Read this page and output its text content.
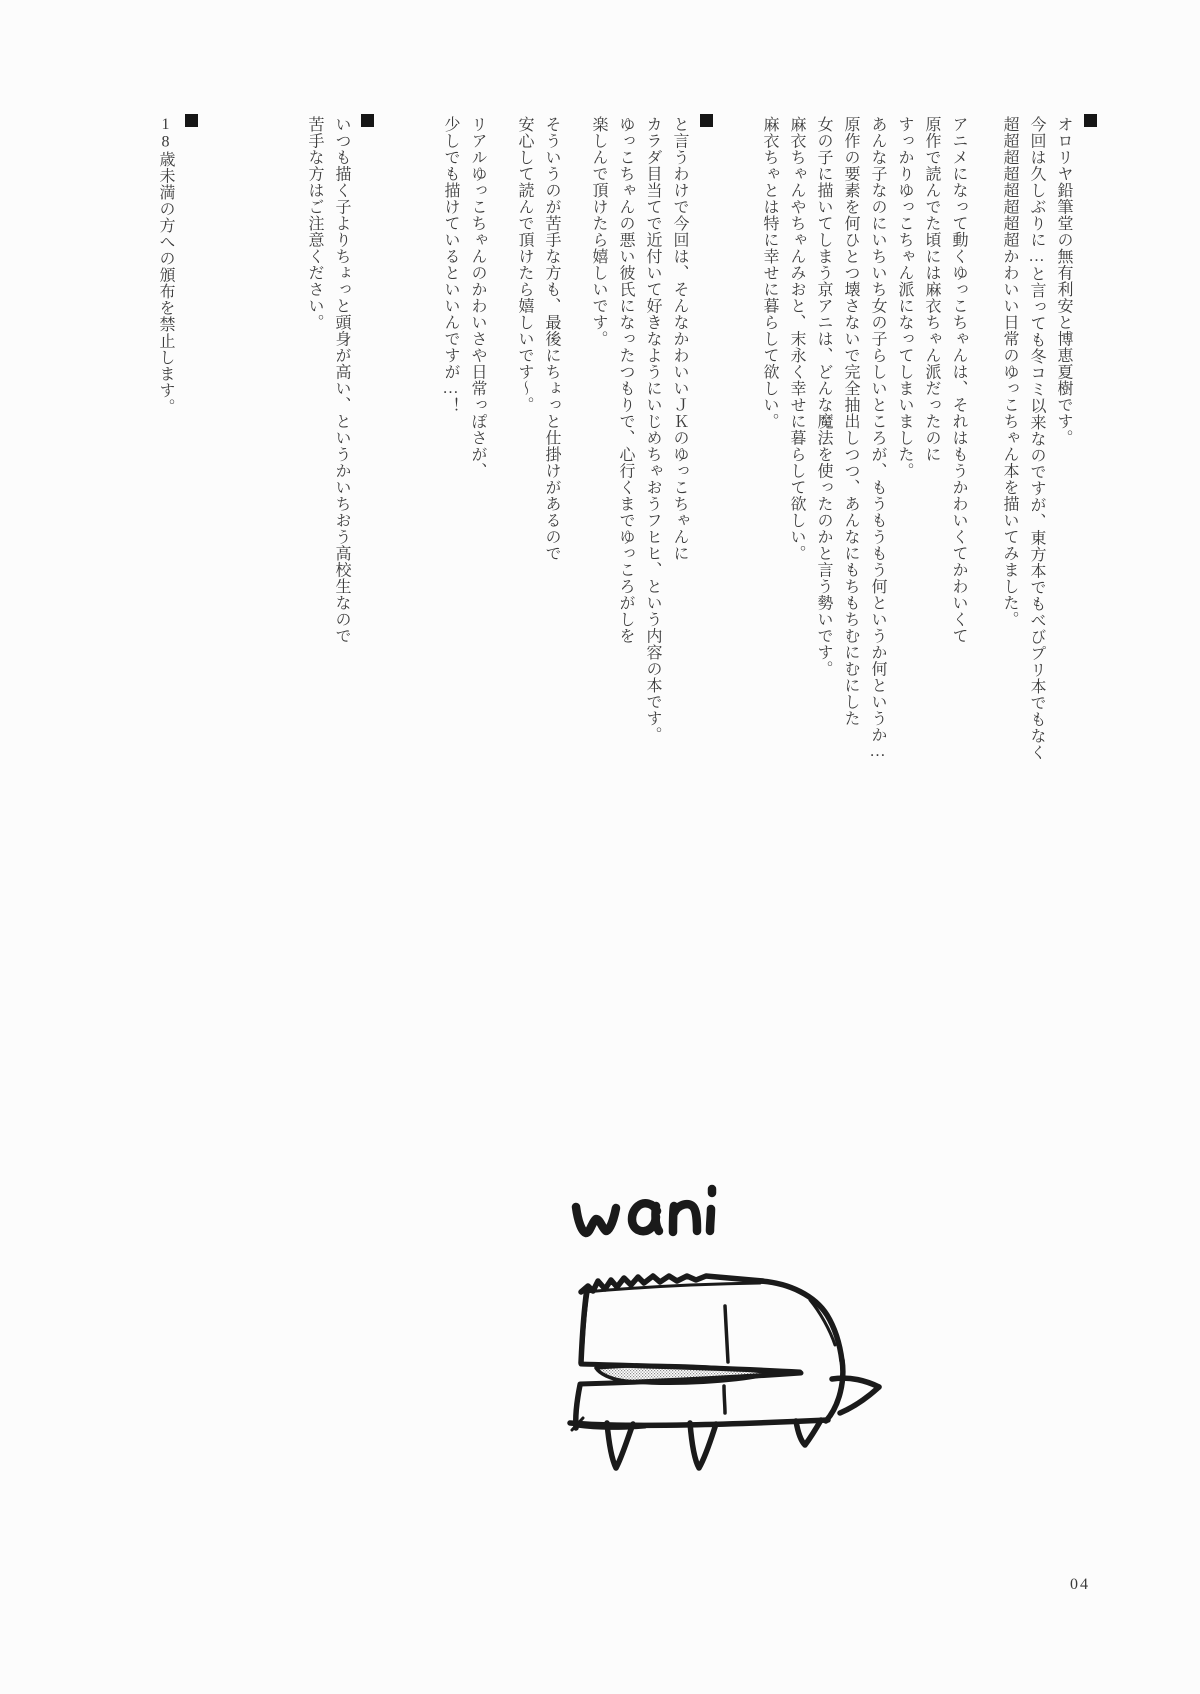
オロリヤ鉛筆堂の無有利安と博恵夏樹です。
今回は久しぶりに…と言っても冬コミ以来なのですが、東方本でもべびプリ本でもなく
超超超超超超超超かわいい日常のゆっこちゃん本を描いてみました。
アニメになって動くゆっこちゃんは、それはもうかわいくてかわいくて
原作で読んでた頃には麻衣ちゃん派だったのに
すっかりゆっこちゃん派になってしまいました。
あんな子なのにいちいち女の子らしいところが、もうもうもう何というか何というか…
原作の要素を何ひとつ壊さないで完全抽出しつつ、あんなにもちもちむにむにした
女の子に描いてしまう京アニは、どんな魔法を使ったのかと言う勢いです。
麻衣ちゃんやちゃんみおと、末永く幸せに暮らして欲しい。
麻衣ちゃとは特に幸せに暮らして欲しい。
と言うわけで今回は、そんなかわいいＪＫのゆっこちゃんに
カラダ目当てで近付いて好きなようにいじめちゃおうフヒヒ、という内容の本です。
ゆっこちゃんの悪い彼氏になったつもりで、心行くまでゆっころがしを
楽しんで頂けたら嬉しいです。
そういうのが苦手な方も、最後にちょっと仕掛けがあるので
安心して読んで頂けたら嬉しいです〜。
リアルゆっこちゃんのかわいさや日常っぽさが、
少しでも描けているといいんですが…！
いつも描く子よりちょっと頭身が高い、というかいちおう高校生なので
苦手な方はご注意ください。
18歳未満の方への頒布を禁止します。
04
